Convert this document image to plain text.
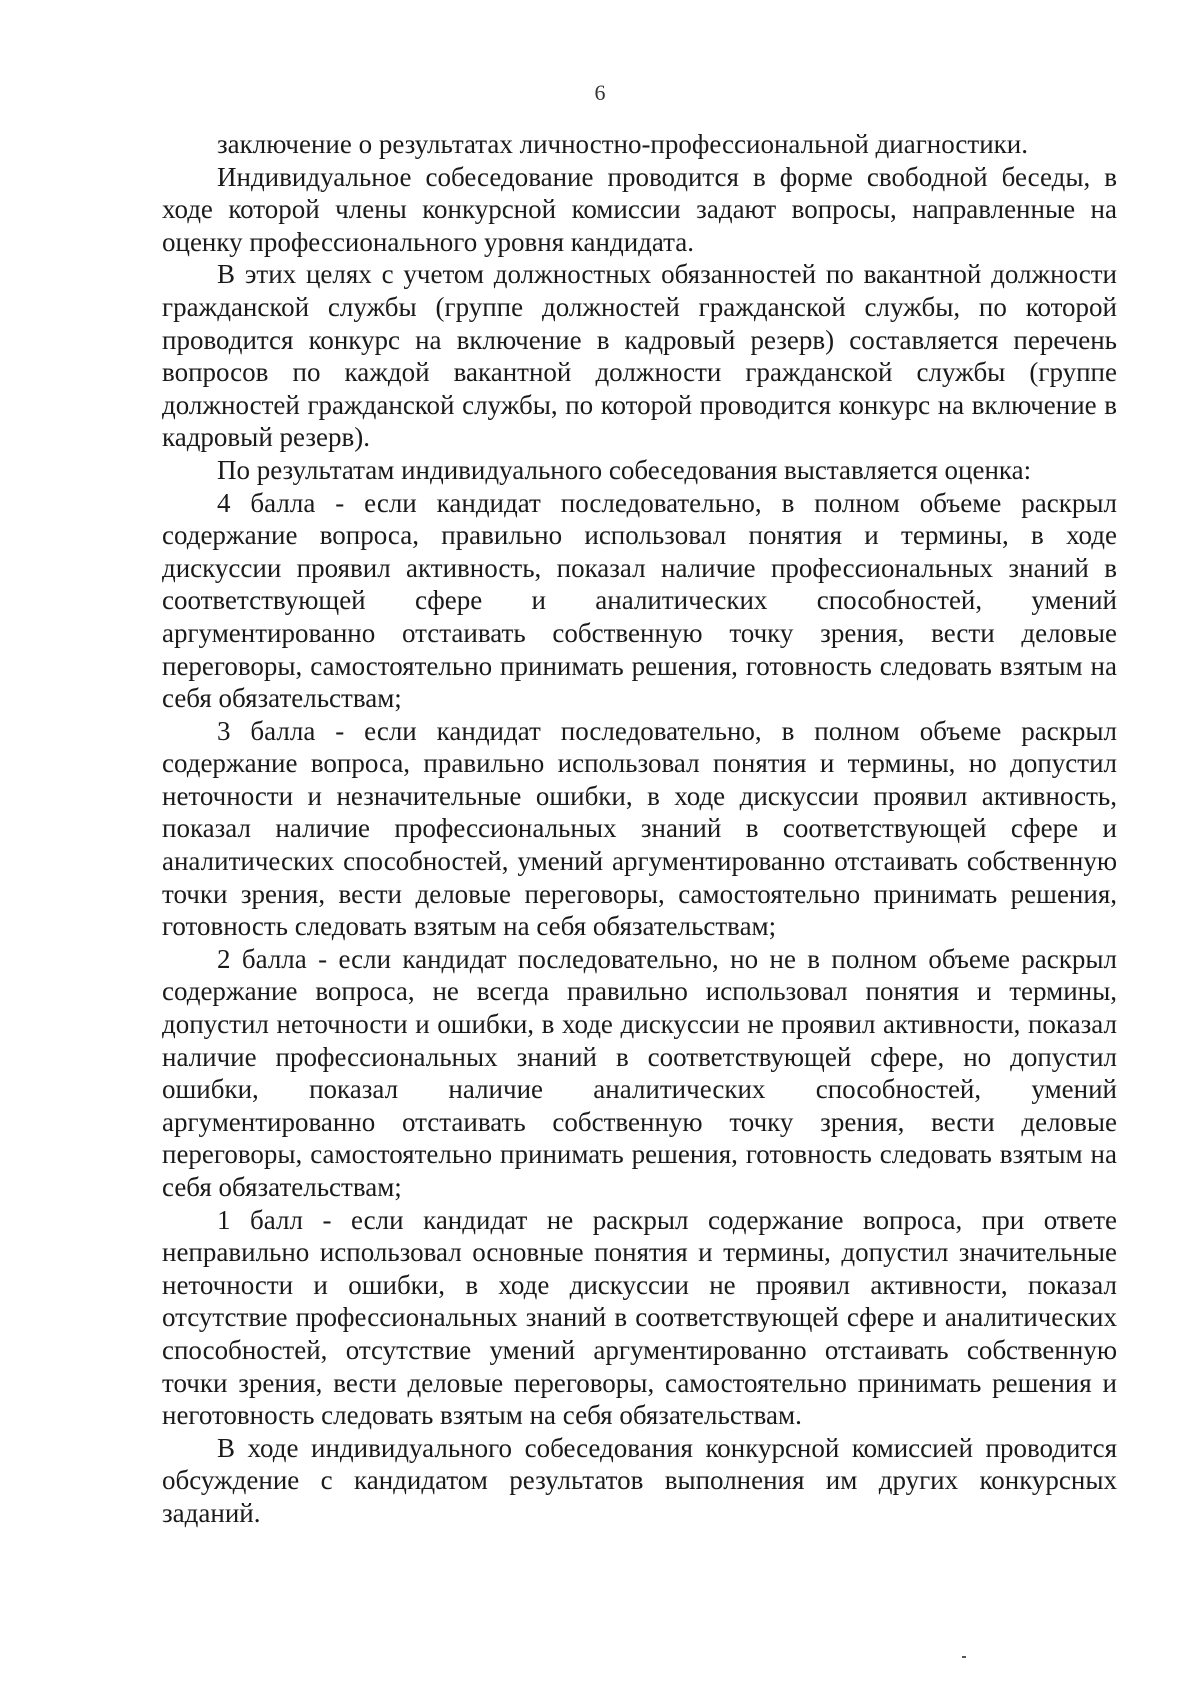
6

заключение о результатах личностно-профессиональной диагностики.

Индивидуальное собеседование проводится в форме свободной беседы, в ходе которой члены конкурсной комиссии задают вопросы, направленные на оценку профессионального уровня кандидата.

В этих целях с учетом должностных обязанностей по вакантной должности гражданской службы (группе должностей гражданской службы, по которой проводится конкурс на включение в кадровый резерв) составляется перечень вопросов по каждой вакантной должности гражданской службы (группе должностей гражданской службы, по которой проводится конкурс на включение в кадровый резерв).

По результатам индивидуального собеседования выставляется оценка:

4 балла - если кандидат последовательно, в полном объеме раскрыл содержание вопроса, правильно использовал понятия и термины, в ходе дискуссии проявил активность, показал наличие профессиональных знаний в соответствующей сфере и аналитических способностей, умений аргументированно отстаивать собственную точку зрения, вести деловые переговоры, самостоятельно принимать решения, готовность следовать взятым на себя обязательствам;

3 балла - если кандидат последовательно, в полном объеме раскрыл содержание вопроса, правильно использовал понятия и термины, но допустил неточности и незначительные ошибки, в ходе дискуссии проявил активность, показал наличие профессиональных знаний в соответствующей сфере и аналитических способностей, умений аргументированно отстаивать собственную точки зрения, вести деловые переговоры, самостоятельно принимать решения, готовность следовать взятым на себя обязательствам;

2 балла - если кандидат последовательно, но не в полном объеме раскрыл содержание вопроса, не всегда правильно использовал понятия и термины, допустил неточности и ошибки, в ходе дискуссии не проявил активности, показал наличие профессиональных знаний в соответствующей сфере, но допустил ошибки, показал наличие аналитических способностей, умений аргументированно отстаивать собственную точку зрения, вести деловые переговоры, самостоятельно принимать решения, готовность следовать взятым на себя обязательствам;

1 балл - если кандидат не раскрыл содержание вопроса, при ответе неправильно использовал основные понятия и термины, допустил значительные неточности и ошибки, в ходе дискуссии не проявил активности, показал отсутствие профессиональных знаний в соответствующей сфере и аналитических способностей, отсутствие умений аргументированно отстаивать собственную точки зрения, вести деловые переговоры, самостоятельно принимать решения и неготовность следовать взятым на себя обязательствам.

В ходе индивидуального собеседования конкурсной комиссией проводится обсуждение с кандидатом результатов выполнения им других конкурсных заданий.
